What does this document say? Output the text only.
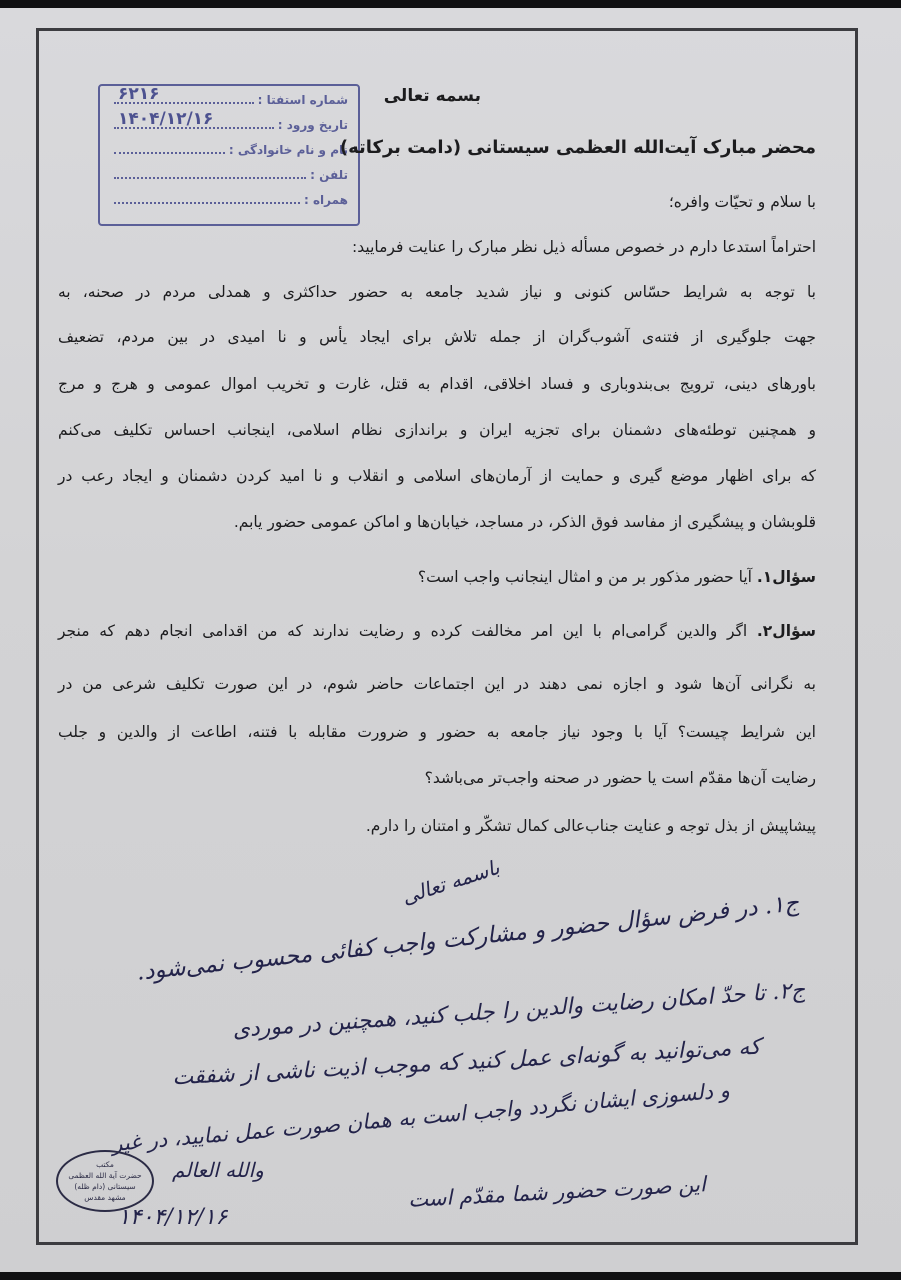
شماره استفتا :
۶۲۱۶
تاریخ ورود :
۱۴۰۴/۱۲/۱۶
نام و نام خانوادگی :
تلفن :
همراه :
بسمه تعالی
محضر مبارک آیت‌الله العظمی سیستانی (دامت برکاته)
با سلام و تحیّات وافره؛
احتراماً استدعا دارم در خصوص مسأله ذیل نظر مبارک را عنایت فرمایید:
با توجه به شرایط حسّاس کنونی و نیاز شدید جامعه به حضور حداکثری و همدلی مردم در صحنه، به
جهت جلوگیری از فتنه‌ی آشوب‌گران از جمله تلاش برای ایجاد یأس و نا امیدی در بین مردم، تضعیف
باورهای دینی، ترویج بی‌بندوباری و فساد اخلاقی، اقدام به قتل، غارت و تخریب اموال عمومی و هرج و مرج
و همچنین توطئه‌های دشمنان برای تجزیه ایران و براندازی نظام اسلامی، اینجانب احساس تکلیف می‌کنم
که برای اظهار موضع گیری و حمایت از آرمان‌های اسلامی و انقلاب و نا امید کردن دشمنان و ایجاد رعب در
قلوبشان و پیشگیری از مفاسد فوق الذکر، در مساجد، خیابان‌ها و اماکن عمومی حضور یابم.
سؤال۱. آیا حضور مذکور بر من و امثال اینجانب واجب است؟
سؤال۲. اگر والدین گرامی‌ام با این امر مخالفت کرده و رضایت ندارند که من اقدامی انجام دهم که منجر
به نگرانی آن‌ها شود و اجازه نمی دهند در این اجتماعات حاضر شوم، در این صورت تکلیف شرعی من در
این شرایط چیست؟ آیا با وجود نیاز جامعه به حضور و ضرورت مقابله با فتنه، اطاعت از والدین و جلب
رضایت آن‌ها مقدّم است یا حضور در صحنه واجب‌تر می‌باشد؟
پیشاپیش از بذل توجه و عنایت جناب‌عالی کمال تشکّر و امتنان را دارم.
باسمه تعالی
ج۱. در فرض سؤال حضور و مشارکت واجب کفائی محسوب نمی‌شود.
ج۲. تا حدّ امکان رضایت والدین را جلب کنید، همچنین در موردی
که می‌توانید به گونه‌ای عمل کنید که موجب اذیت ناشی از شفقت
و دلسوزی ایشان نگردد واجب است به همان صورت عمل نمایید، در غیر
این صورت حضور شما مقدّم است
والله العالم
مکتب
حضرت آیة الله العظمی سیستانی (دام ظله)
مشهد مقدس
۱۴۰۴/۱۲/۱۶
